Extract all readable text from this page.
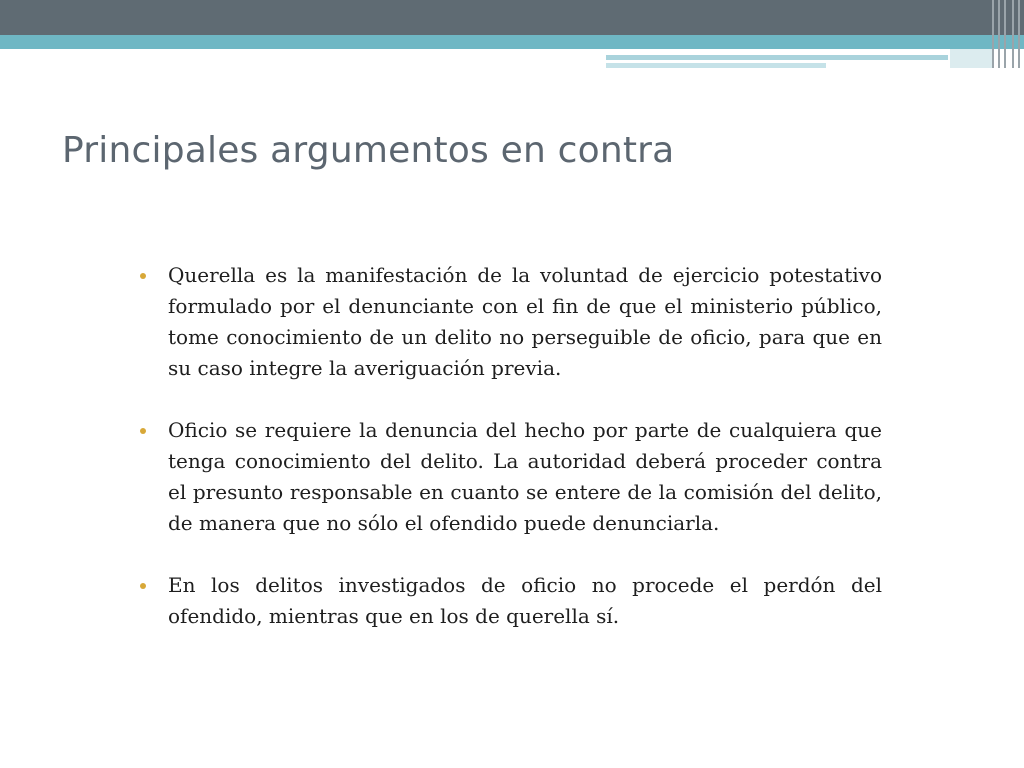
Principales argumentos en contra
Querella es la manifestación de la voluntad de ejercicio potestativo formulado por el denunciante con el fin de que el ministerio público, tome conocimiento de un delito no perseguible de oficio, para que en su caso integre la averiguación previa.
Oficio se requiere la denuncia del hecho por parte de cualquiera que tenga conocimiento del delito. La autoridad deberá proceder contra el presunto responsable en cuanto se entere de la comisión del delito, de manera que no sólo el ofendido puede denunciarla.
En los delitos investigados de oficio no procede el perdón del ofendido, mientras que en los de querella sí.
